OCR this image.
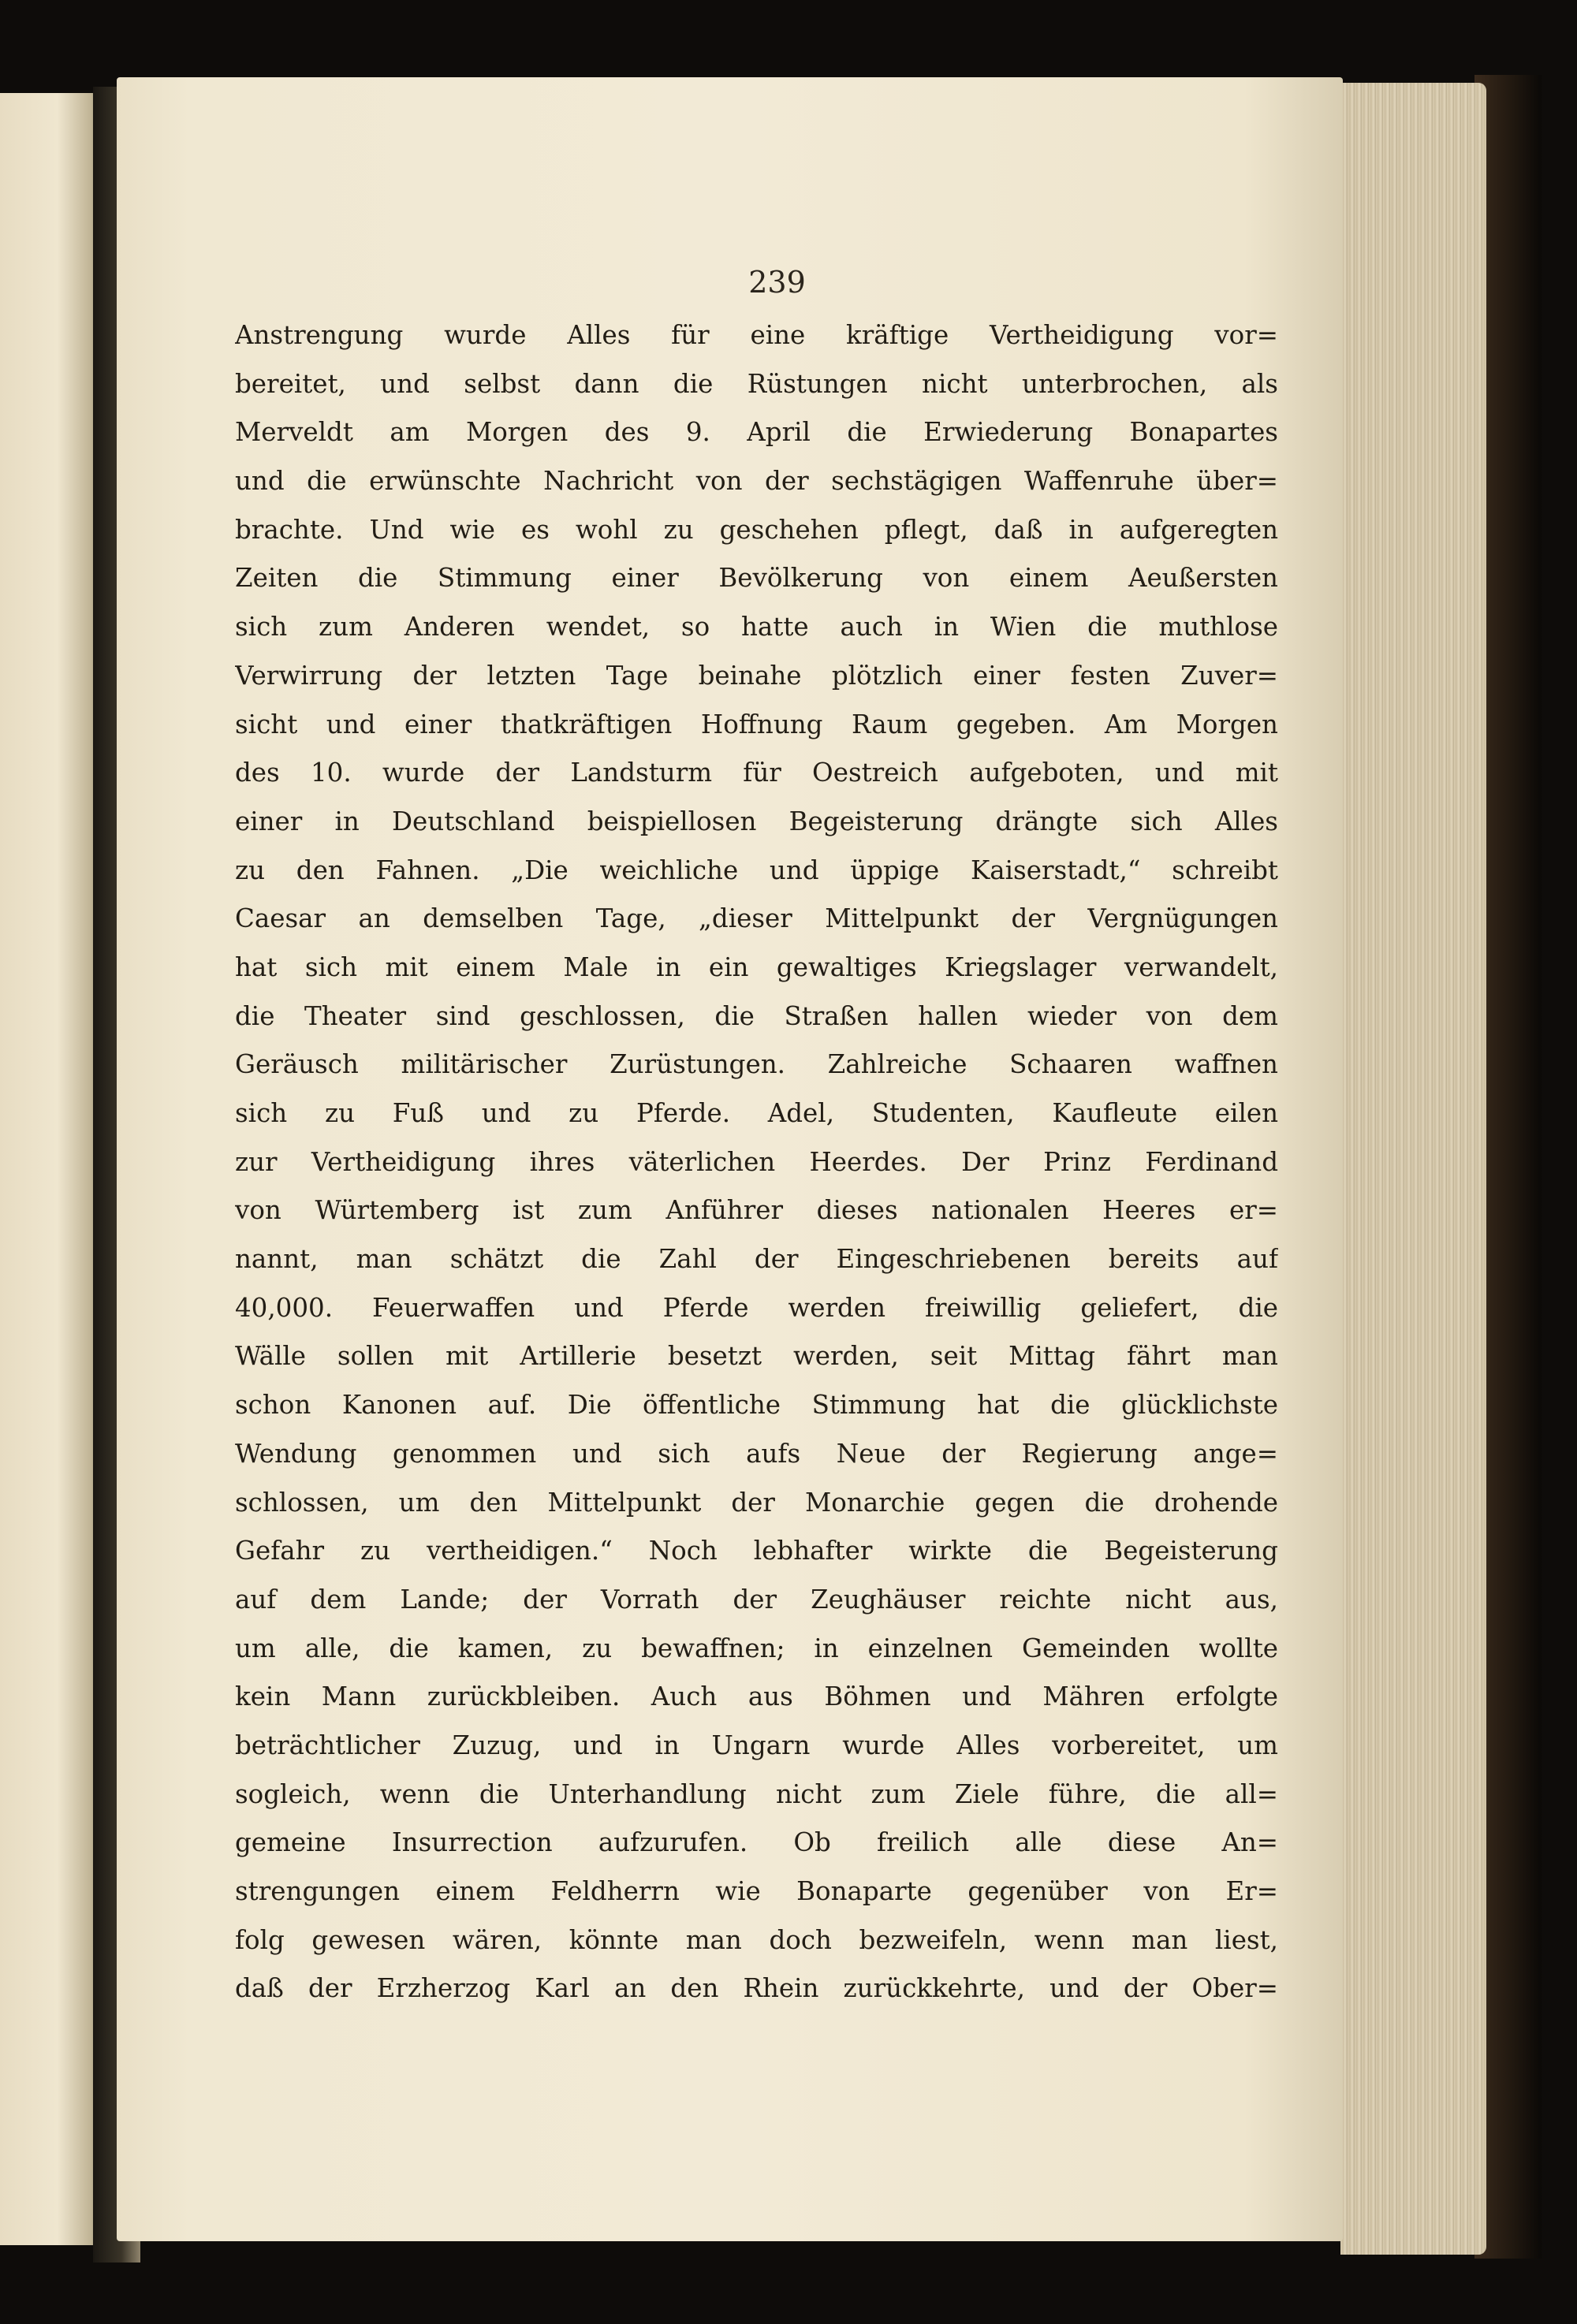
239

Anstrengung wurde Alles für eine kräftige Vertheidigung vor=

bereitet, und selbst dann die Rüstungen nicht unterbrochen, als

Merveldt am Morgen des 9. April die Erwiederung Bonapartes

und die erwünschte Nachricht von der sechstägigen Waffenruhe über=

brachte. Und wie es wohl zu geschehen pflegt, daß in aufgeregten

Zeiten die Stimmung einer Bevölkerung von einem Aeußersten

sich zum Anderen wendet, so hatte auch in Wien die muthlose

Verwirrung der letzten Tage beinahe plötzlich einer festen Zuver=

sicht und einer thatkräftigen Hoffnung Raum gegeben. Am Morgen

des 10. wurde der Landsturm für Oestreich aufgeboten, und mit

einer in Deutschland beispiellosen Begeisterung drängte sich Alles

zu den Fahnen. „Die weichliche und üppige Kaiserstadt,“ schreibt

Caesar an demselben Tage, „dieser Mittelpunkt der Vergnügungen

hat sich mit einem Male in ein gewaltiges Kriegslager verwandelt,

die Theater sind geschlossen, die Straßen hallen wieder von dem

Geräusch militärischer Zurüstungen. Zahlreiche Schaaren waffnen

sich zu Fuß und zu Pferde. Adel, Studenten, Kaufleute eilen

zur Vertheidigung ihres väterlichen Heerdes. Der Prinz Ferdinand

von Würtemberg ist zum Anführer dieses nationalen Heeres er=

nannt, man schätzt die Zahl der Eingeschriebenen bereits auf

40,000. Feuerwaffen und Pferde werden freiwillig geliefert, die

Wälle sollen mit Artillerie besetzt werden, seit Mittag fährt man

schon Kanonen auf. Die öffentliche Stimmung hat die glücklichste

Wendung genommen und sich aufs Neue der Regierung ange=

schlossen, um den Mittelpunkt der Monarchie gegen die drohende

Gefahr zu vertheidigen.“ Noch lebhafter wirkte die Begeisterung

auf dem Lande; der Vorrath der Zeughäuser reichte nicht aus,

um alle, die kamen, zu bewaffnen; in einzelnen Gemeinden wollte

kein Mann zurückbleiben. Auch aus Böhmen und Mähren erfolgte

beträchtlicher Zuzug, und in Ungarn wurde Alles vorbereitet, um

sogleich, wenn die Unterhandlung nicht zum Ziele führe, die all=

gemeine Insurrection aufzurufen. Ob freilich alle diese An=

strengungen einem Feldherrn wie Bonaparte gegenüber von Er=

folg gewesen wären, könnte man doch bezweifeln, wenn man liest,

daß der Erzherzog Karl an den Rhein zurückkehrte, und der Ober=
